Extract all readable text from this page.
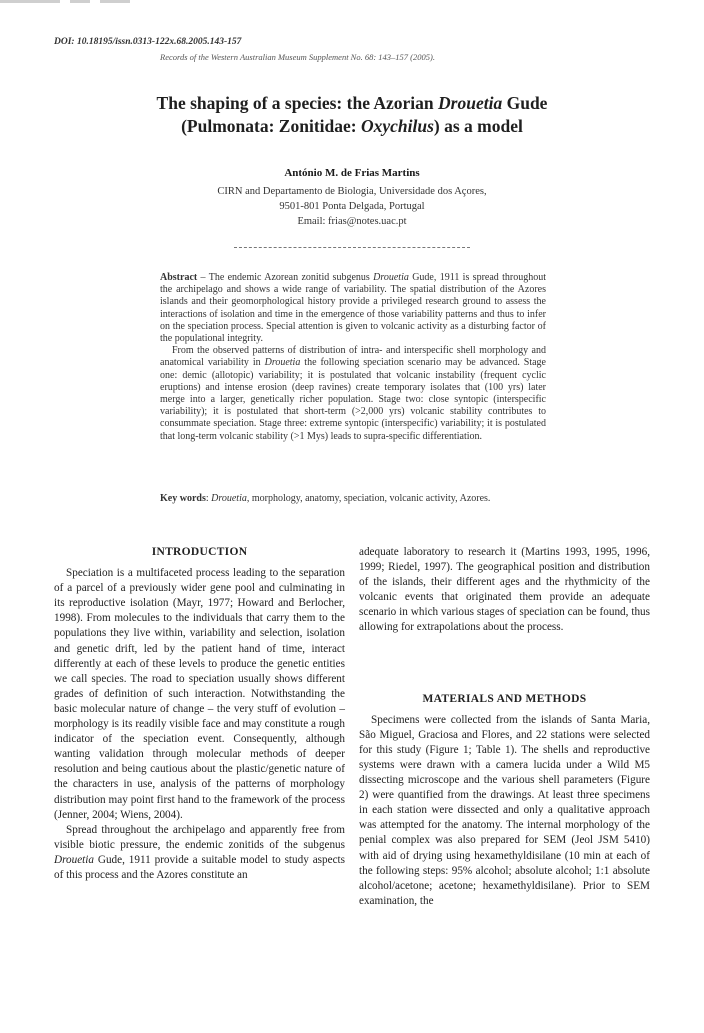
DOI: 10.18195/issn.0313-122x.68.2005.143-157
Records of the Western Australian Museum Supplement No. 68: 143–157 (2005).
The shaping of a species: the Azorian Drouetia Gude
(Pulmonata: Zonitidae: Oxychilus) as a model
António M. de Frias Martins
CIRN and Departamento de Biologia, Universidade dos Açores,
9501-801 Ponta Delgada, Portugal
Email: frias@notes.uac.pt

Abstract – The endemic Azorean zonitid subgenus Drouetia Gude, 1911 is spread throughout the archipelago and shows a wide range of variability. The spatial distribution of the Azores islands and their geomorphological history provide a privileged research ground to assess the interactions of isolation and time in the emergence of those variability patterns and thus to infer on the speciation process. Special attention is given to volcanic activity as a disturbing factor of the populational integrity.

From the observed patterns of distribution of intra- and interspecific shell morphology and anatomical variability in Drouetia the following speciation scenario may be advanced. Stage one: demic (allotopic) variability; it is postulated that volcanic instability (frequent cyclic eruptions) and intense erosion (deep ravines) create temporary isolates that (100 yrs) later merge into a larger, genetically richer population. Stage two: close syntopic (interspecific variability); it is postulated that short-term (>2,000 yrs) volcanic stability contributes to consummate speciation. Stage three: extreme syntopic (interspecific) variability; it is postulated that long-term volcanic stability (>1 Mys) leads to supra-specific differentiation.

Key words: Drouetia, morphology, anatomy, speciation, volcanic activity, Azores.
INTRODUCTION

Speciation is a multifaceted process leading to the separation of a parcel of a previously wider gene pool and culminating in its reproductive isolation (Mayr, 1977; Howard and Berlocher, 1998). From molecules to the individuals that carry them to the populations they live within, variability and selection, isolation and genetic drift, led by the patient hand of time, interact differently at each of these levels to produce the genetic entities we call species. The road to speciation usually shows different grades of definition of such interaction. Notwithstanding the basic molecular nature of change – the very stuff of evolution – morphology is its readily visible face and may constitute a rough indicator of the speciation event. Consequently, although wanting validation through molecular methods of deeper resolution and being cautious about the plastic/genetic nature of the characters in use, analysis of the patterns of morphology distribution may point first hand to the framework of the process (Jenner, 2004; Wiens, 2004).

Spread throughout the archipelago and apparently free from visible biotic pressure, the endemic zonitids of the subgenus Drouetia Gude, 1911 provide a suitable model to study aspects of this process and the Azores constitute an

adequate laboratory to research it (Martins 1993, 1995, 1996, 1999; Riedel, 1997). The geographical position and distribution of the islands, their different ages and the rhythmicity of the volcanic events that originated them provide an adequate scenario in which various stages of speciation can be found, thus allowing for extrapolations about the process.

MATERIALS AND METHODS

Specimens were collected from the islands of Santa Maria, São Miguel, Graciosa and Flores, and 22 stations were selected for this study (Figure 1; Table 1). The shells and reproductive systems were drawn with a camera lucida under a Wild M5 dissecting microscope and the various shell parameters (Figure 2) were quantified from the drawings. At least three specimens in each station were dissected and only a qualitative approach was attempted for the anatomy. The internal morphology of the penial complex was also prepared for SEM (Jeol JSM 5410) with aid of drying using hexamethyldisilane (10 min at each of the following steps: 95% alcohol; absolute alcohol; 1:1 absolute alcohol/acetone; acetone; hexamethyldisilane). Prior to SEM examination, the
